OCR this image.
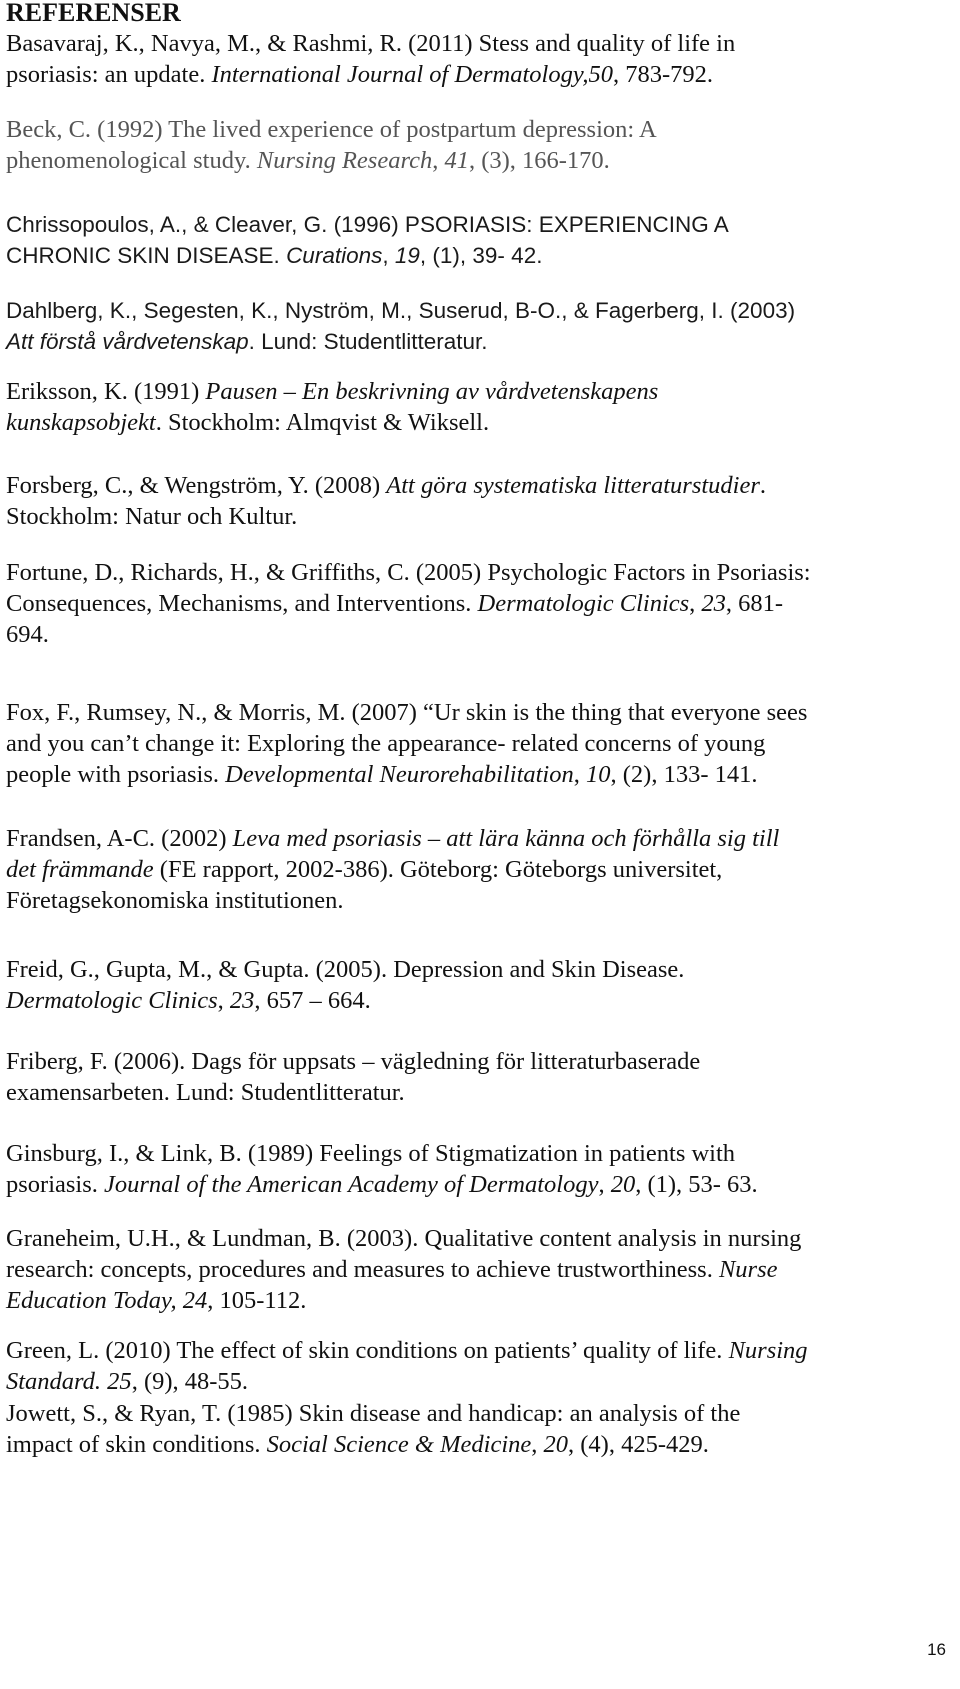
REFERENSER

Basavaraj, K., Navya, M., & Rashmi, R. (2011) Stess and quality of life in
psoriasis: an update. International Journal of Dermatology,50, 783-792.

Beck, C. (1992) The lived experience of postpartum depression: A
phenomenological study. Nursing Research, 41, (3), 166-170.

Chrissopoulos, A., & Cleaver, G. (1996) PSORIASIS: EXPERIENCING A
CHRONIC SKIN DISEASE. Curations, 19, (1), 39- 42.

Dahlberg, K., Segesten, K., Nyström, M., Suserud, B-O., & Fagerberg, I. (2003)
Att förstå vårdvetenskap. Lund: Studentlitteratur.

Eriksson, K. (1991) Pausen – En beskrivning av vårdvetenskapens
kunskapsobjekt. Stockholm: Almqvist & Wiksell.

Forsberg, C., & Wengström, Y. (2008) Att göra systematiska litteraturstudier.
Stockholm: Natur och Kultur.

Fortune, D., Richards, H., & Griffiths, C. (2005) Psychologic Factors in Psoriasis:
Consequences, Mechanisms, and Interventions. Dermatologic Clinics, 23, 681-
694.

Fox, F., Rumsey, N., & Morris, M. (2007) “Ur skin is the thing that everyone sees
and you can’t change it: Exploring the appearance- related concerns of young
people with psoriasis. Developmental Neurorehabilitation, 10, (2), 133- 141.

Frandsen, A-C. (2002) Leva med psoriasis – att lära känna och förhålla sig till
det främmande (FE rapport, 2002-386). Göteborg: Göteborgs universitet,
Företagsekonomiska institutionen.

Freid, G., Gupta, M., & Gupta. (2005). Depression and Skin Disease.
Dermatologic Clinics, 23, 657 – 664.

Friberg, F. (2006). Dags för uppsats – vägledning för litteraturbaserade
examensarbeten. Lund: Studentlitteratur.

Ginsburg, I., & Link, B. (1989) Feelings of Stigmatization in patients with
psoriasis. Journal of the American Academy of Dermatology, 20, (1), 53- 63.

Graneheim, U.H., & Lundman, B. (2003). Qualitative content analysis in nursing
research: concepts, procedures and measures to achieve trustworthiness. Nurse
Education Today, 24, 105-112.

Green, L. (2010) The effect of skin conditions on patients’ quality of life. Nursing
Standard. 25, (9), 48-55.

Jowett, S., & Ryan, T. (1985) Skin disease and handicap: an analysis of the
impact of skin conditions. Social Science & Medicine, 20, (4), 425-429.

16
